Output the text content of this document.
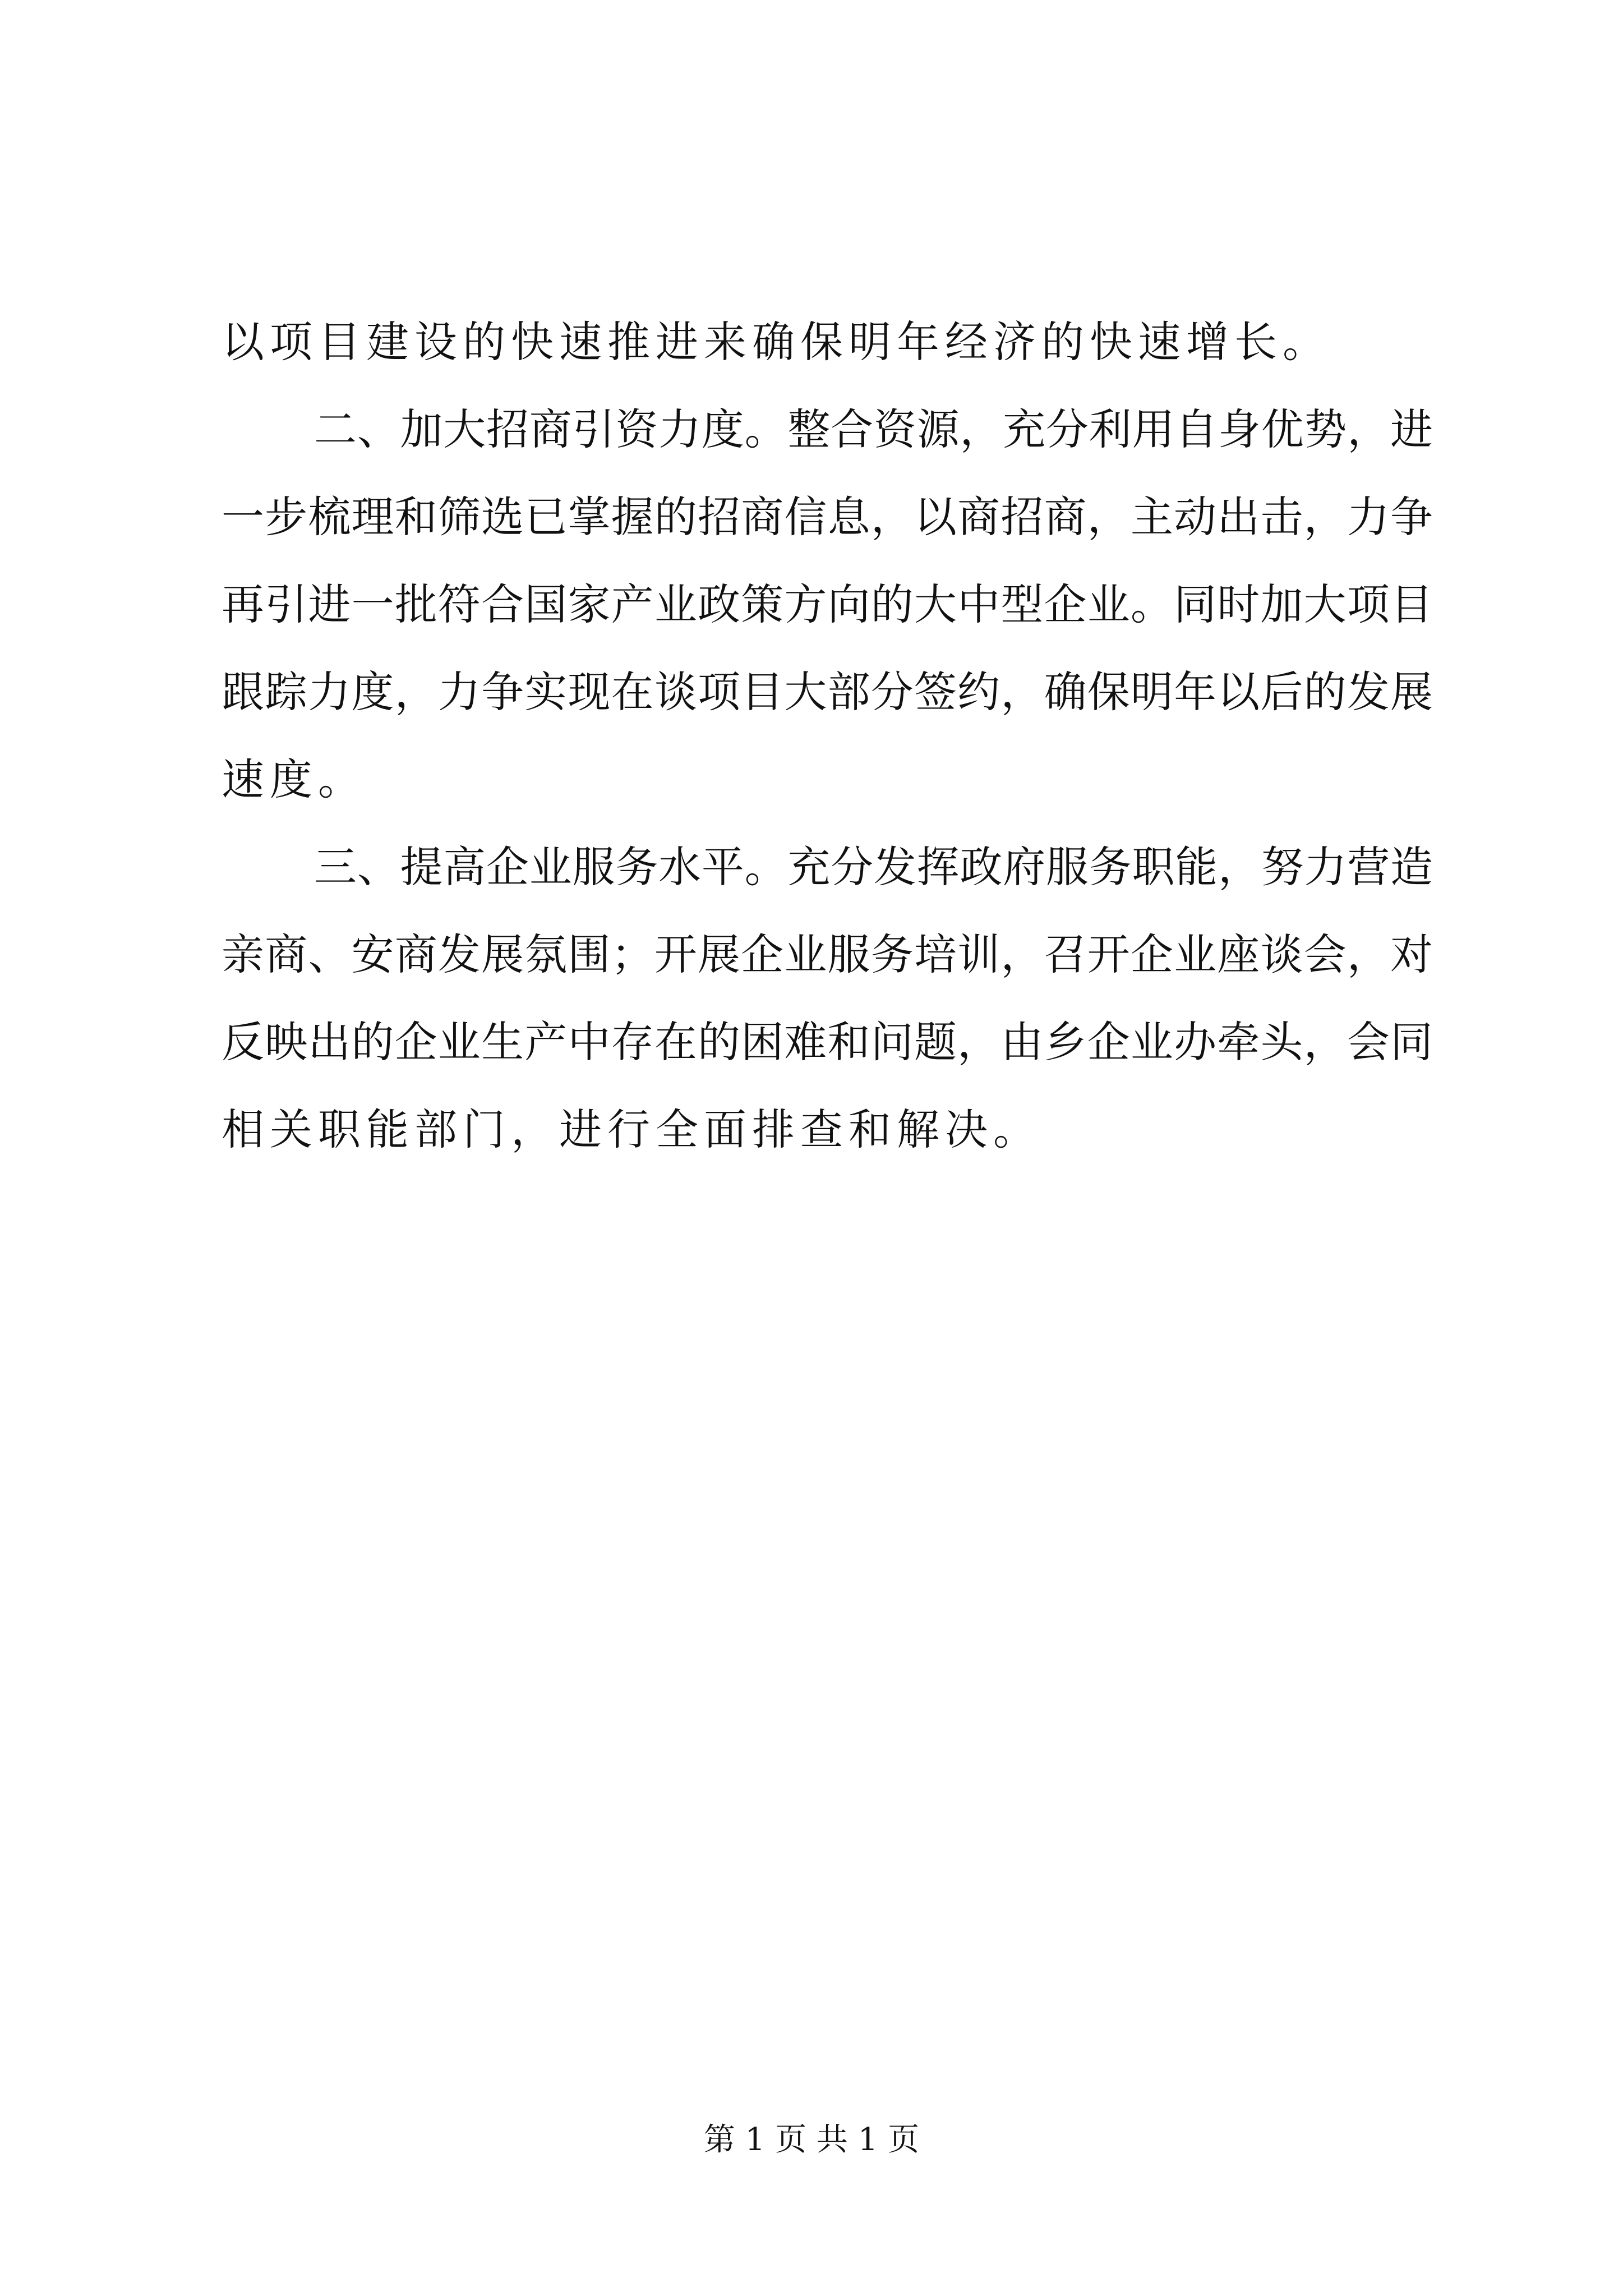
以项目建设的快速推进来确保明年经济的快速增长。
二、加大招商引资力度。整合资源，充分利用自身优势，进
一步梳理和筛选已掌握的招商信息，以商招商，主动出击，力争
再引进一批符合国家产业政策方向的大中型企业。同时加大项目
跟踪力度，力争实现在谈项目大部分签约，确保明年以后的发展
速度。
三、提高企业服务水平。充分发挥政府服务职能，努力营造
亲商、安商发展氛围；开展企业服务培训，召开企业座谈会，对
反映出的企业生产中存在的困难和问题，由乡企业办牵头，会同
相关职能部门，进行全面排查和解决。
第 1 页 共 1 页
